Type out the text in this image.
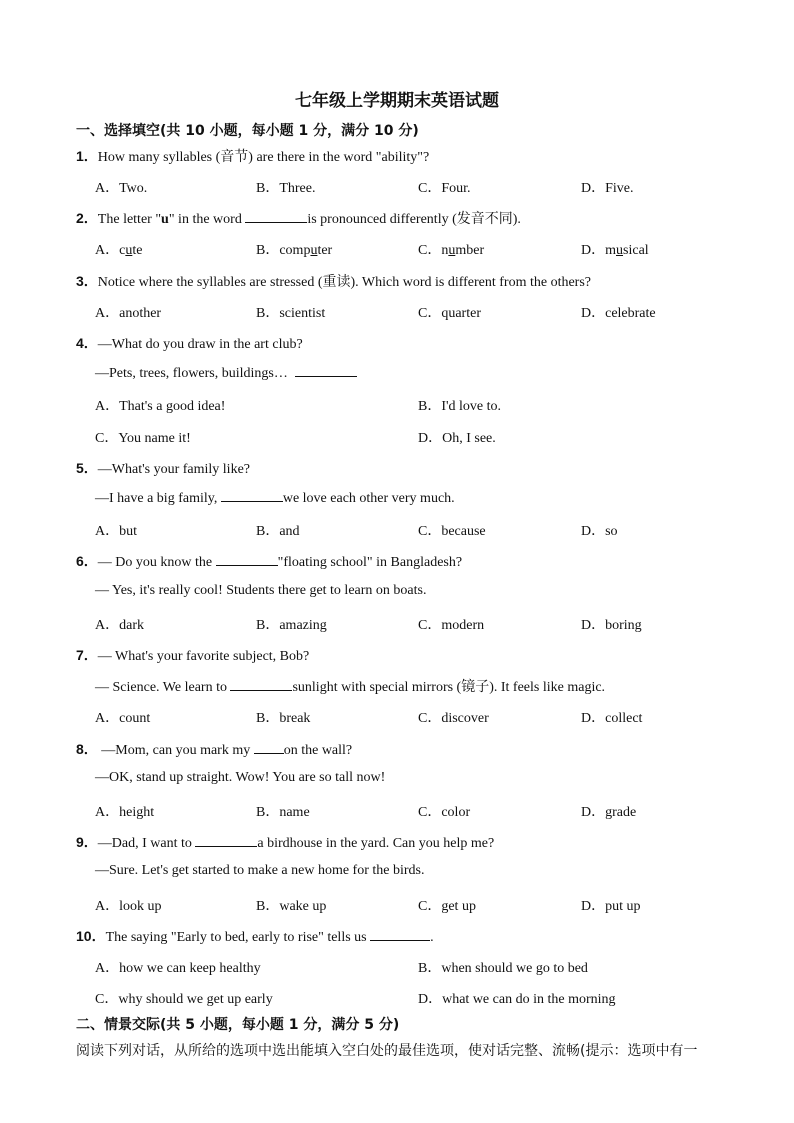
七年级上学期期末英语试题
一、选择填空(共 10 小题，每小题 1 分，满分 10 分)
1．How many syllables (音节) are there in the word "ability"?
A．Two.	B．Three.	C．Four.	D．Five.
2．The letter "u" in the word	is pronounced differently (发音不同).
A．cute	B．computer	C．number	D．musical
3．Notice where the syllables are stressed (重读). Which word is different from the others?
A．another	B．scientist	C．quarter	D．celebrate
4．—What do you draw in the art club?
—Pets, trees, flowers, buildings…
A．That's a good idea!	B．I'd love to.
C．You name it!	D．Oh, I see.
5．—What's your family like?
—I have a big family,	we love each other very much.
A．but	B．and	C．because	D．so
6．— Do you know the	"floating school" in Bangladesh?
— Yes, it's really cool! Students there get to learn on boats.
A．dark	B．amazing	C．modern	D．boring
7．— What's your favorite subject, Bob?
— Science. We learn to	sunlight with special mirrors (镜子). It feels like magic.
A．count	B．break	C．discover	D．collect
8． —Mom, can you mark my on the wall?
—OK, stand up straight. Wow! You are so tall now!
A．height	B．name	C．color	D．grade
9．—Dad, I want to	a birdhouse in the yard. Can you help me?
—Sure. Let's get started to make a new home for the birds.
A．look up	B．wake up	C．get up	D．put up
10．The saying "Early to bed, early to rise" tells us	.
A．how we can keep healthy	B．when should we go to bed
C．why should we get up early	D．what we can do in the morning
二、情景交际(共 5 小题，每小题 1 分，满分 5 分)
阅读下列对话，从所给的选项中选出能填入空白处的最佳选项，使对话完整、流畅(提示：选项中有一
